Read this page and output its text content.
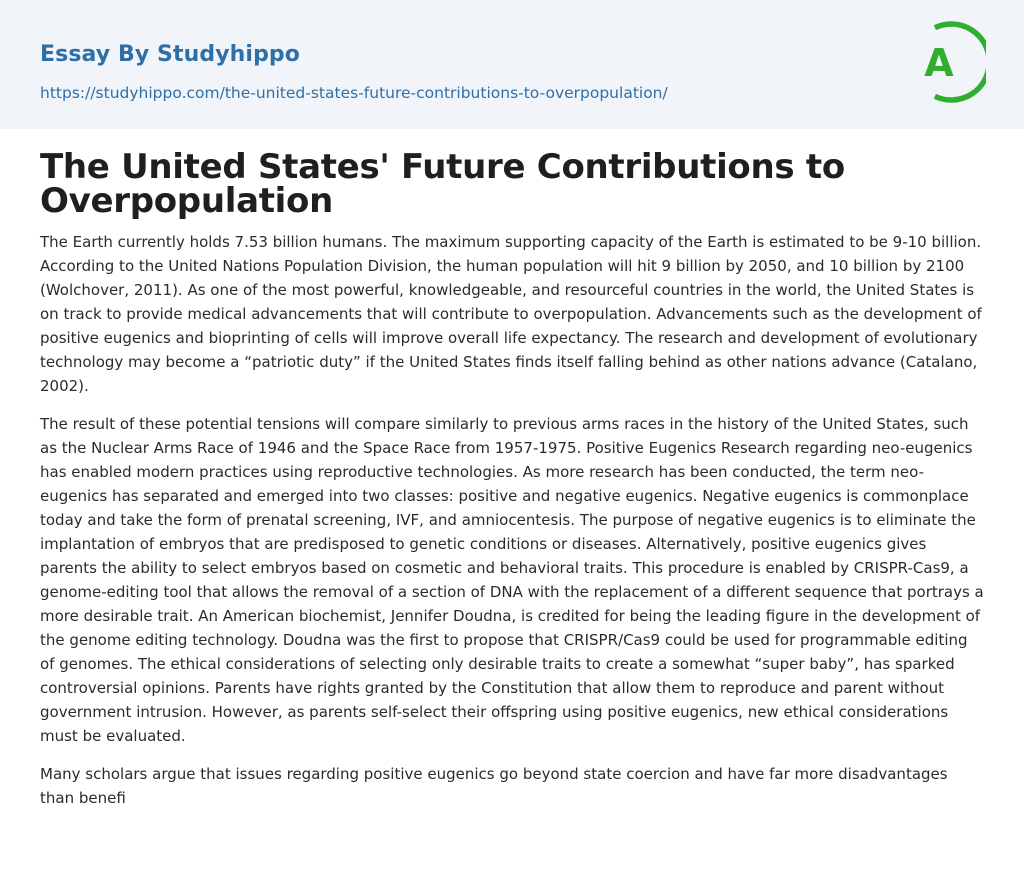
Essay By Studyhippo
https://studyhippo.com/the-united-states-future-contributions-to-overpopulation/
A
The United States' Future Contributions to Overpopulation

The Earth currently holds 7.53 billion humans. The maximum supporting capacity of the Earth is estimated to be 9-10 billion. According to the United Nations Population Division, the human population will hit 9 billion by 2050, and 10 billion by 2100 (Wolchover, 2011). As one of the most powerful, knowledgeable, and resourceful countries in the world, the United States is on track to provide medical advancements that will contribute to overpopulation. Advancements such as the development of positive eugenics and bioprinting of cells will improve overall life expectancy. The research and development of evolutionary technology may become a “patriotic duty” if the United States finds itself falling behind as other nations advance (Catalano, 2002).

The result of these potential tensions will compare similarly to previous arms races in the history of the United States, such as the Nuclear Arms Race of 1946 and the Space Race from 1957-1975. Positive Eugenics Research regarding neo-eugenics has enabled modern practices using reproductive technologies. As more research has been conducted, the term neo-eugenics has separated and emerged into two classes: positive and negative eugenics. Negative eugenics is commonplace today and take the form of prenatal screening, IVF, and amniocentesis. The purpose of negative eugenics is to eliminate the implantation of embryos that are predisposed to genetic conditions or diseases. Alternatively, positive eugenics gives parents the ability to select embryos based on cosmetic and behavioral traits. This procedure is enabled by CRISPR-Cas9, a genome-editing tool that allows the removal of a section of DNA with the replacement of a different sequence that portrays a more desirable trait. An American biochemist, Jennifer Doudna, is credited for being the leading figure in the development of the genome editing technology. Doudna was the first to propose that CRISPR/Cas9 could be used for programmable editing of genomes. The ethical considerations of selecting only desirable traits to create a somewhat “super baby”, has sparked controversial opinions. Parents have rights granted by the Constitution that allow them to reproduce and parent without government intrusion. However, as parents self-select their offspring using positive eugenics, new ethical considerations must be evaluated.

Many scholars argue that issues regarding positive eugenics go beyond state coercion and have far more disadvantages than benefi
